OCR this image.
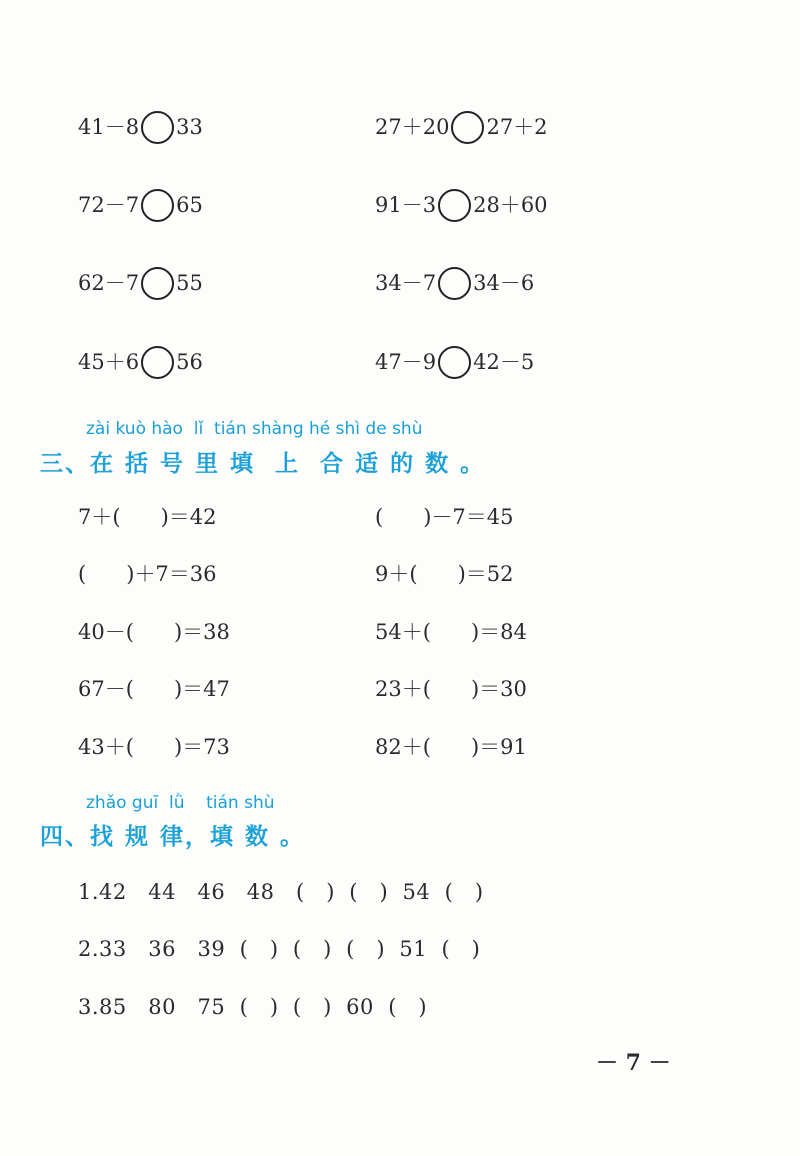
41－8 33	27＋20 27＋2
72－7 65	91－3 28＋60
62－7 55	34－7 34－6
45＋6 56	47－9 42－5
zài kuò hào  lǐ  tián shàng hé shì de shù
三、在 括 号 里 填  上  合 适 的 数 。
7＋(      )＝42	(      )－7＝45
(      )＋7＝36	9＋(      )＝52
40－(      )＝38	54＋(      )＝84
67－(      )＝47	23＋(      )＝30
43＋(      )＝73	82＋(      )＝91
zhǎo guī  lǜ    tián shù
四、找 规 律，填 数 。
1.42   44   46   48   (   )  (   )  54  (   )
2.33   36   39  (   )  (   )  (   )  51  (   )
3.85   80   75  (   )  (   )  60  (   )
－ 7 －
